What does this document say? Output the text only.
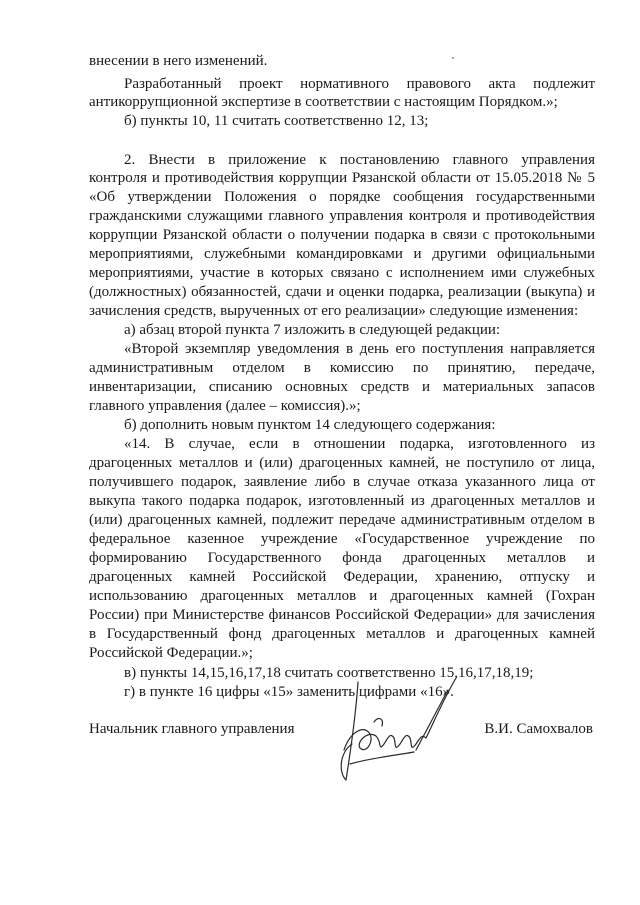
внесении в него изменений.
Разработанный проект нормативного правового акта подлежит
антикоррупционной экспертизе в соответствии с настоящим Порядком.»;
б) пункты 10, 11 считать соответственно 12, 13;
2. Внести в приложение к постановлению главного управления
контроля и противодействия коррупции Рязанской области от 15.05.2018 № 5
«Об утверждении Положения о порядке сообщения государственными
гражданскими служащими главного управления контроля и противодействия
коррупции Рязанской области о получении подарка в связи с протокольными
мероприятиями, служебными командировками и другими официальными
мероприятиями, участие в которых связано с исполнением ими служебных
(должностных) обязанностей, сдачи и оценки подарка, реализации (выкупа) и
зачисления средств, вырученных от его реализации» следующие изменения:
а) абзац второй пункта 7 изложить в следующей редакции:
«Второй экземпляр уведомления в день его поступления направляется
административным отделом в комиссию по принятию, передаче,
инвентаризации, списанию основных средств и материальных запасов
главного управления (далее – комиссия).»;
б) дополнить новым пунктом 14 следующего содержания:
«14. В случае, если в отношении подарка, изготовленного из
драгоценных металлов и (или) драгоценных камней, не поступило от лица,
получившего подарок, заявление либо в случае отказа указанного лица от
выкупа такого подарка подарок, изготовленный из драгоценных металлов и
(или) драгоценных камней, подлежит передаче административным отделом в
федеральное казенное учреждение «Государственное учреждение по
формированию Государственного фонда драгоценных металлов и
драгоценных камней Российской Федерации, хранению, отпуску и
использованию драгоценных металлов и драгоценных камней (Гохран
России) при Министерстве финансов Российской Федерации» для зачисления
в Государственный фонд драгоценных металлов и драгоценных камней
Российской Федерации.»;
в) пункты 14,15,16,17,18 считать соответственно 15,16,17,18,19;
г) в пункте 16 цифры «15» заменить цифрами «16».
Начальник главного управления	В.И. Самохвалов
